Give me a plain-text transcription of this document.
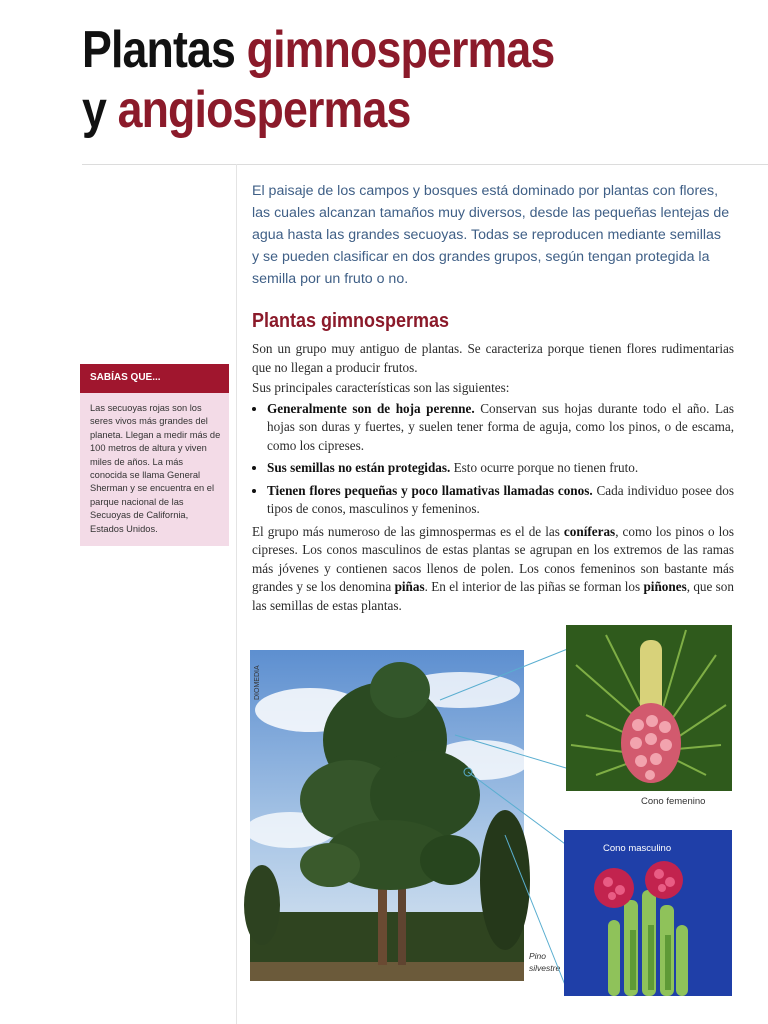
Plantas gimnospermas
y angiospermas

El paisaje de los campos y bosques está dominado por plantas con flores, las cuales alcanzan tamaños muy diversos, desde las pequeñas lentejas de agua hasta las grandes secuoyas. Todas se reproducen mediante semillas y se pueden clasificar en dos grandes grupos, según tengan protegida la semilla por un fruto o no.

Plantas gimnospermas

Son un grupo muy antiguo de plantas. Se caracteriza porque tienen flores rudimentarias que no llegan a producir frutos.

Sus principales características son las siguientes:

• Generalmente son de hoja perenne. Conservan sus hojas durante todo el año. Las hojas son duras y fuertes, y suelen tener forma de aguja, como los pinos, o de escama, como los cipreses.
• Sus semillas no están protegidas. Esto ocurre porque no tienen fruto.
• Tienen flores pequeñas y poco llamativas llamadas conos. Cada individuo posee dos tipos de conos, masculinos y femeninos.

El grupo más numeroso de las gimnospermas es el de las coníferas, como los pinos o los cipreses. Los conos masculinos de estas plantas se agrupan en los extremos de las ramas más jóvenes y contienen sacos llenos de polen. Los conos femeninos son bastante más grandes y se los denomina piñas. En el interior de las piñas se forman los piñones, que son las semillas de estas plantas.

SABÍAS QUE...
Las secuoyas rojas son los seres vivos más grandes del planeta. Llegan a medir más de 100 metros de altura y viven miles de años. La más conocida se llama General Sherman y se encuentra en el parque nacional de las Secuoyas de California, Estados Unidos.
DIOMEDIA
Pino silvestre
Cono femenino
Cono masculino
